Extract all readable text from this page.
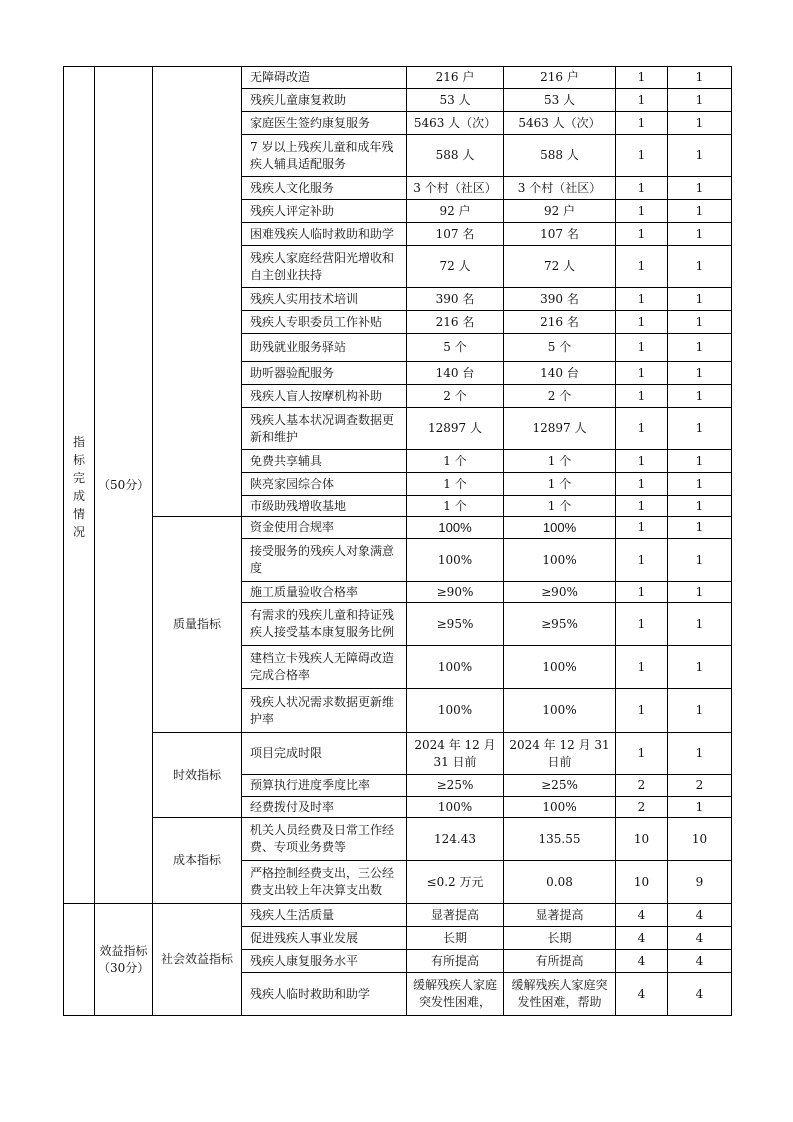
指标完成情况	（50分）		无障碍改造	216 户	216 户	1	1
			残疾儿童康复救助	53 人	53 人	1	1
			家庭医生签约康复服务	5463 人（次）	5463 人（次）	1	1
			7 岁以上残疾儿童和成年残疾人辅具适配服务	588 人	588 人	1	1
			残疾人文化服务	3 个村（社区）	3 个村（社区）	1	1
			残疾人评定补助	92 户	92 户	1	1
			困难残疾人临时救助和助学	107 名	107 名	1	1
			残疾人家庭经营阳光增收和自主创业扶持	72 人	72 人	1	1
			残疾人实用技术培训	390 名	390 名	1	1
			残疾人专职委员工作补贴	216 名	216 名	1	1
			助残就业服务驿站	5 个	5 个	1	1
			助听器验配服务	140 台	140 台	1	1
			残疾人盲人按摩机构补助	2 个	2 个	1	1
			残疾人基本状况调查数据更新和维护	12897 人	12897 人	1	1
			免费共享辅具	1 个	1 个	1	1
			陕亮家园综合体	1 个	1 个	1	1
			市级助残增收基地	1 个	1 个	1	1
		质量指标	资金使用合规率	100%	100%	1	1
			接受服务的残疾人对象满意度	100%	100%	1	1
			施工质量验收合格率	≥90%	≥90%	1	1
			有需求的残疾儿童和持证残疾人接受基本康复服务比例	≥95%	≥95%	1	1
			建档立卡残疾人无障碍改造完成合格率	100%	100%	1	1
			残疾人状况需求数据更新维护率	100%	100%	1	1
		时效指标	项目完成时限	2024 年 12 月 31 日前	2024 年 12 月 31 日前	1	1
			预算执行进度季度比率	≥25%	≥25%	2	2
			经费拨付及时率	100%	100%	2	1
		成本指标	机关人员经费及日常工作经费、专项业务费等	124.43	135.55	10	10
			严格控制经费支出，三公经费支出较上年决算支出数	≤0.2 万元	0.08	10	9
	效益指标（30分）	社会效益指标	残疾人生活质量	显著提高	显著提高	4	4
			促进残疾人事业发展	长期	长期	4	4
			残疾人康复服务水平	有所提高	有所提高	4	4
			残疾人临时救助和助学	缓解残疾人家庭突发性困难，	缓解残疾人家庭突发性困难，帮助	4	4
